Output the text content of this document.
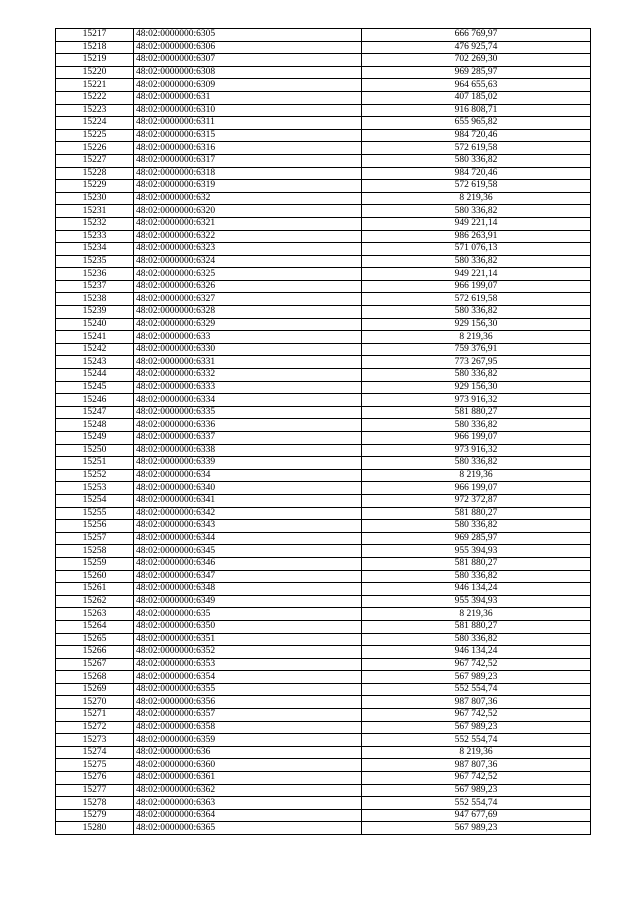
15217	48:02:0000000:6305	666 769,97
15218	48:02:0000000:6306	476 925,74
15219	48:02:0000000:6307	702 269,30
15220	48:02:0000000:6308	969 285,97
15221	48:02:0000000:6309	964 655,63
15222	48:02:0000000:631	407 185,02
15223	48:02:0000000:6310	916 808,71
15224	48:02:0000000:6311	655 965,82
15225	48:02:0000000:6315	984 720,46
15226	48:02:0000000:6316	572 619,58
15227	48:02:0000000:6317	580 336,82
15228	48:02:0000000:6318	984 720,46
15229	48:02:0000000:6319	572 619,58
15230	48:02:0000000:632	8 219,36
15231	48:02:0000000:6320	580 336,82
15232	48:02:0000000:6321	949 221,14
15233	48:02:0000000:6322	986 263,91
15234	48:02:0000000:6323	571 076,13
15235	48:02:0000000:6324	580 336,82
15236	48:02:0000000:6325	949 221,14
15237	48:02:0000000:6326	966 199,07
15238	48:02:0000000:6327	572 619,58
15239	48:02:0000000:6328	580 336,82
15240	48:02:0000000:6329	929 156,30
15241	48:02:0000000:633	8 219,36
15242	48:02:0000000:6330	759 376,91
15243	48:02:0000000:6331	773 267,95
15244	48:02:0000000:6332	580 336,82
15245	48:02:0000000:6333	929 156,30
15246	48:02:0000000:6334	973 916,32
15247	48:02:0000000:6335	581 880,27
15248	48:02:0000000:6336	580 336,82
15249	48:02:0000000:6337	966 199,07
15250	48:02:0000000:6338	973 916,32
15251	48:02:0000000:6339	580 336,82
15252	48:02:0000000:634	8 219,36
15253	48:02:0000000:6340	966 199,07
15254	48:02:0000000:6341	972 372,87
15255	48:02:0000000:6342	581 880,27
15256	48:02:0000000:6343	580 336,82
15257	48:02:0000000:6344	969 285,97
15258	48:02:0000000:6345	955 394,93
15259	48:02:0000000:6346	581 880,27
15260	48:02:0000000:6347	580 336,82
15261	48:02:0000000:6348	946 134,24
15262	48:02:0000000:6349	955 394,93
15263	48:02:0000000:635	8 219,36
15264	48:02:0000000:6350	581 880,27
15265	48:02:0000000:6351	580 336,82
15266	48:02:0000000:6352	946 134,24
15267	48:02:0000000:6353	967 742,52
15268	48:02:0000000:6354	567 989,23
15269	48:02:0000000:6355	552 554,74
15270	48:02:0000000:6356	987 807,36
15271	48:02:0000000:6357	967 742,52
15272	48:02:0000000:6358	567 989,23
15273	48:02:0000000:6359	552 554,74
15274	48:02:0000000:636	8 219,36
15275	48:02:0000000:6360	987 807,36
15276	48:02:0000000:6361	967 742,52
15277	48:02:0000000:6362	567 989,23
15278	48:02:0000000:6363	552 554,74
15279	48:02:0000000:6364	947 677,69
15280	48:02:0000000:6365	567 989,23
